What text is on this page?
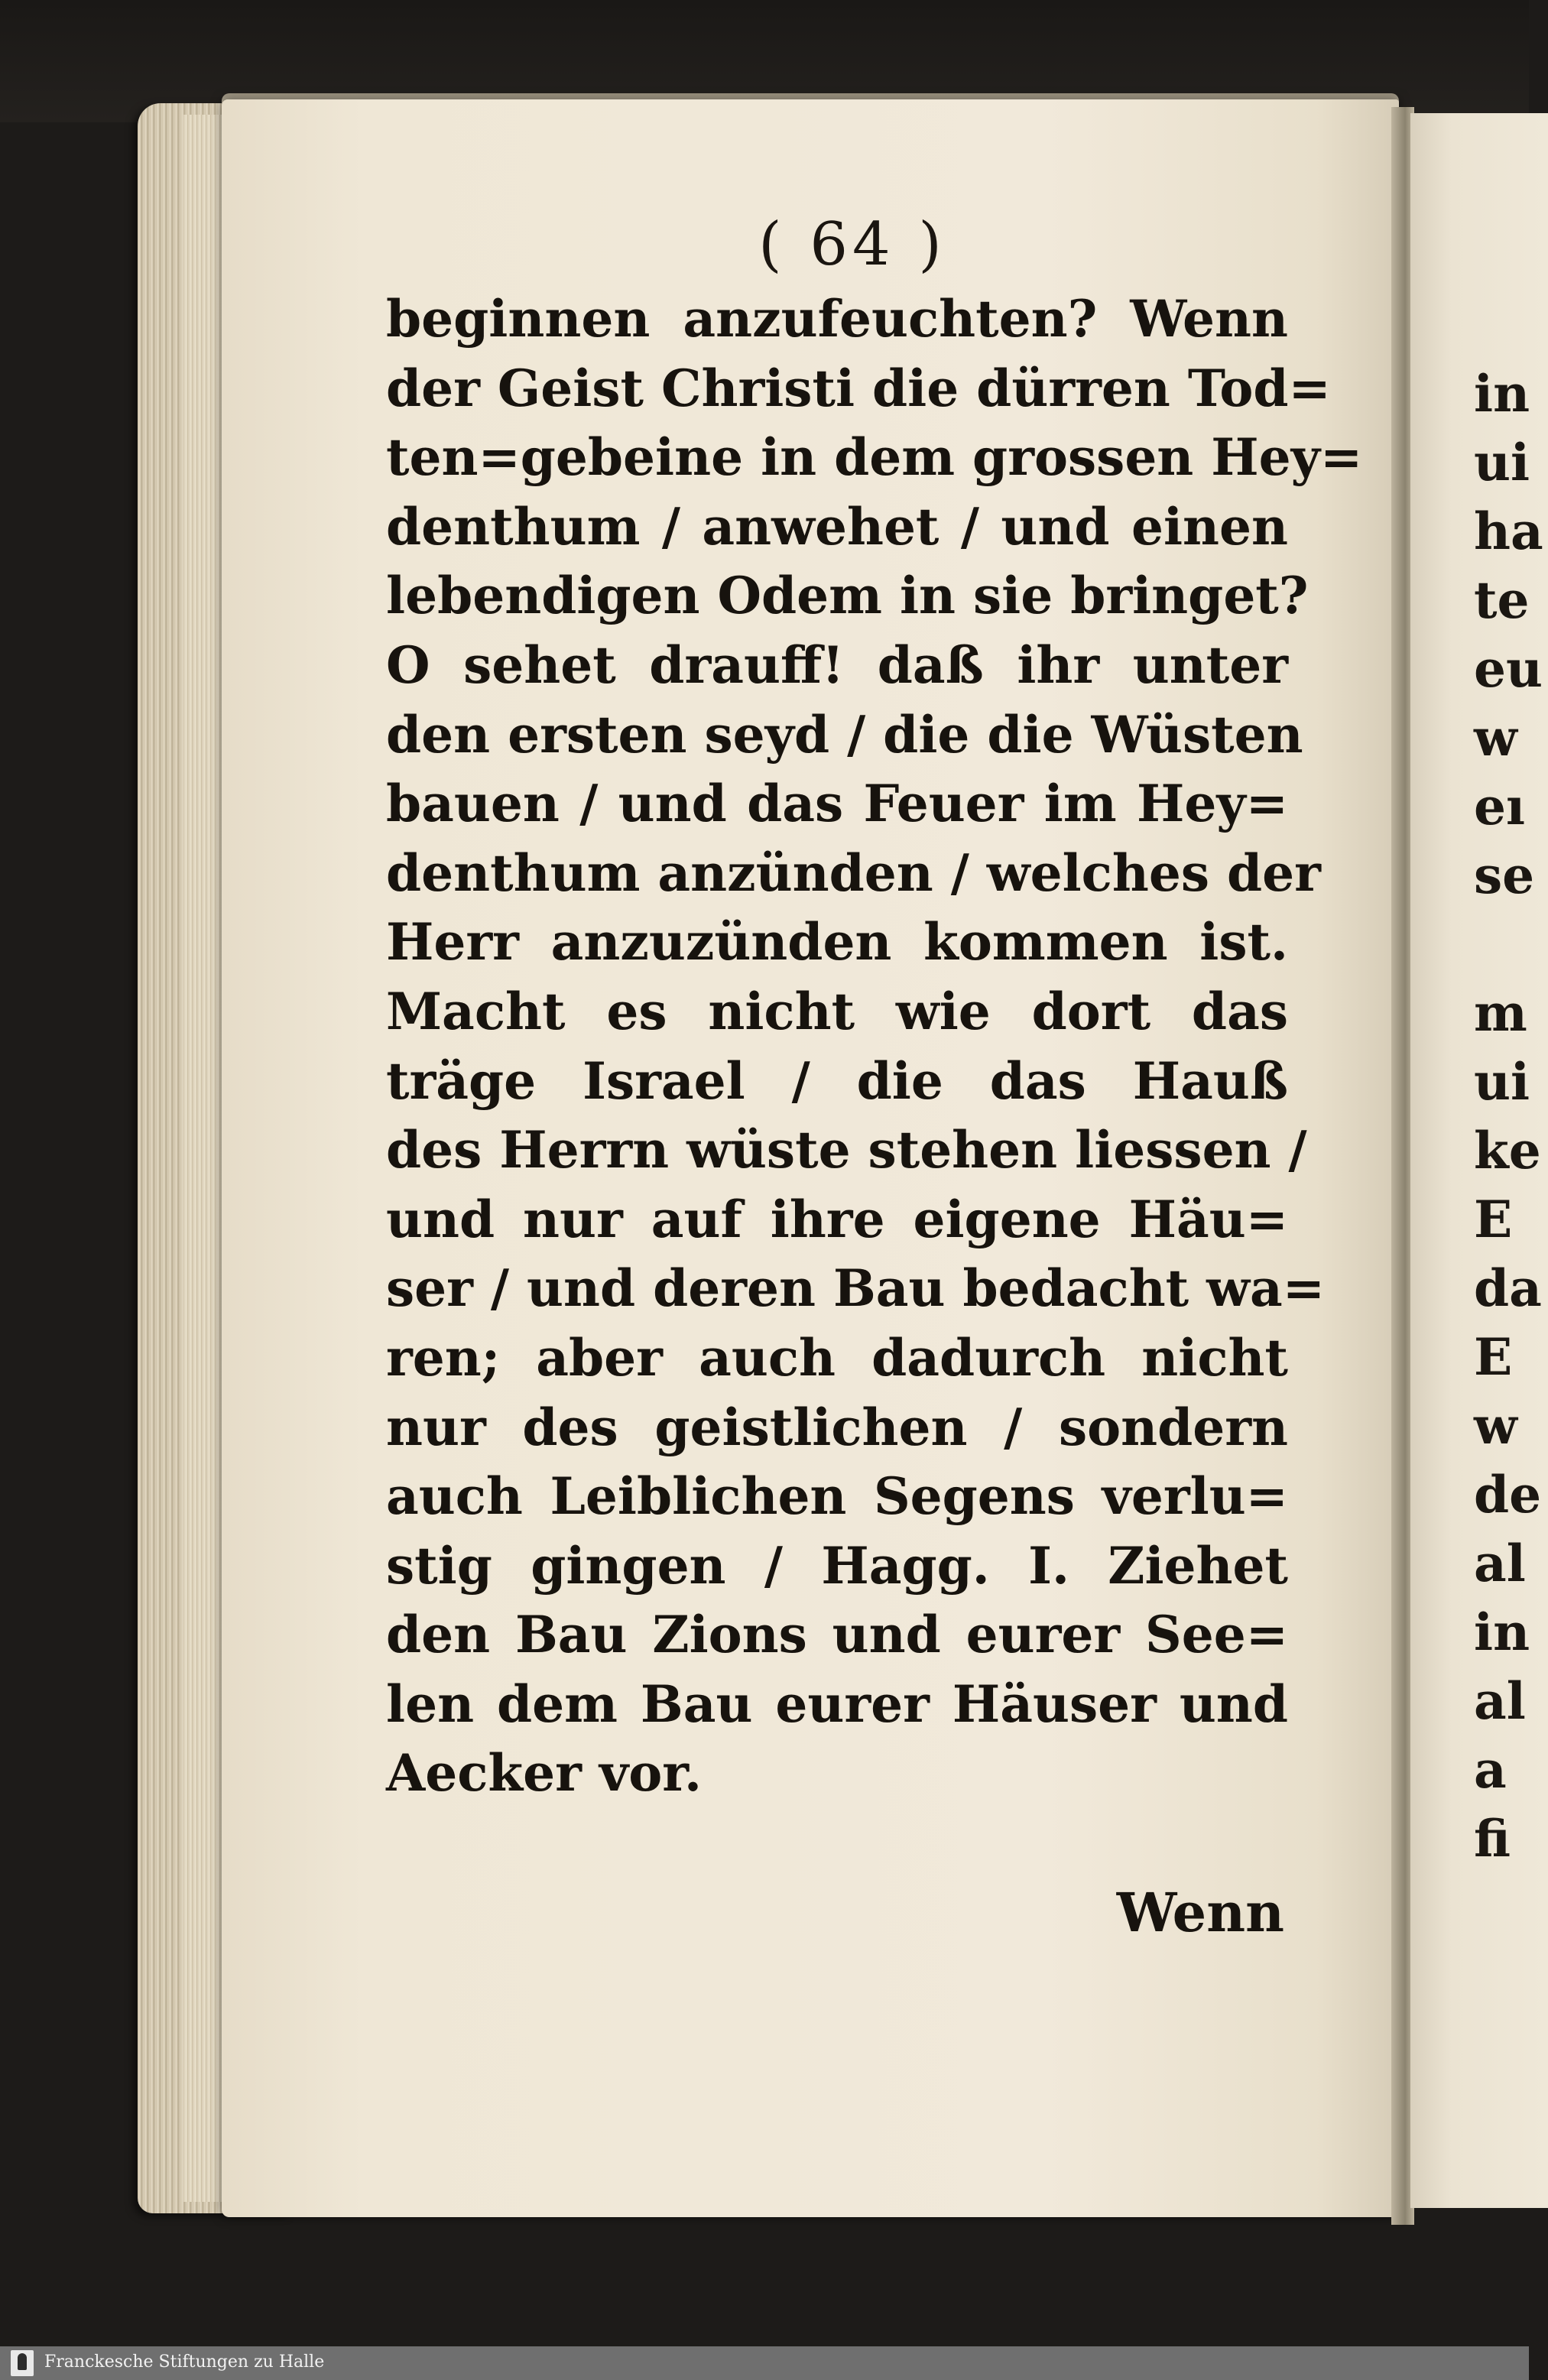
in
ui
ha
te
eu
w
eı
se
m
ui
ke
E
da
E
w
de
al
in
al
a
fi
( 64 )
beginnen anzufeuchten? Wenn
der Geist Christi die dürren Tod=
ten=gebeine in dem grossen Hey=
denthum / anwehet / und einen
lebendigen Odem in sie bringet?
O sehet drauff! daß ihr unter
den ersten seyd / die die Wüsten
bauen / und das Feuer im Hey=
denthum anzünden / welches der
Herr anzuzünden kommen ist.
Macht es nicht wie dort das
träge Israel / die das Hauß
des Herrn wüste stehen liessen /
und nur auf ihre eigene Häu=
ser / und deren Bau bedacht wa=
ren; aber auch dadurch nicht
nur des geistlichen / sondern
auch Leiblichen Segens verlu=
stig gingen / Hagg. I. Ziehet
den Bau Zions und eurer See=
len dem Bau eurer Häuser und
Aecker vor.
Wenn
Franckesche Stiftungen zu Halle
